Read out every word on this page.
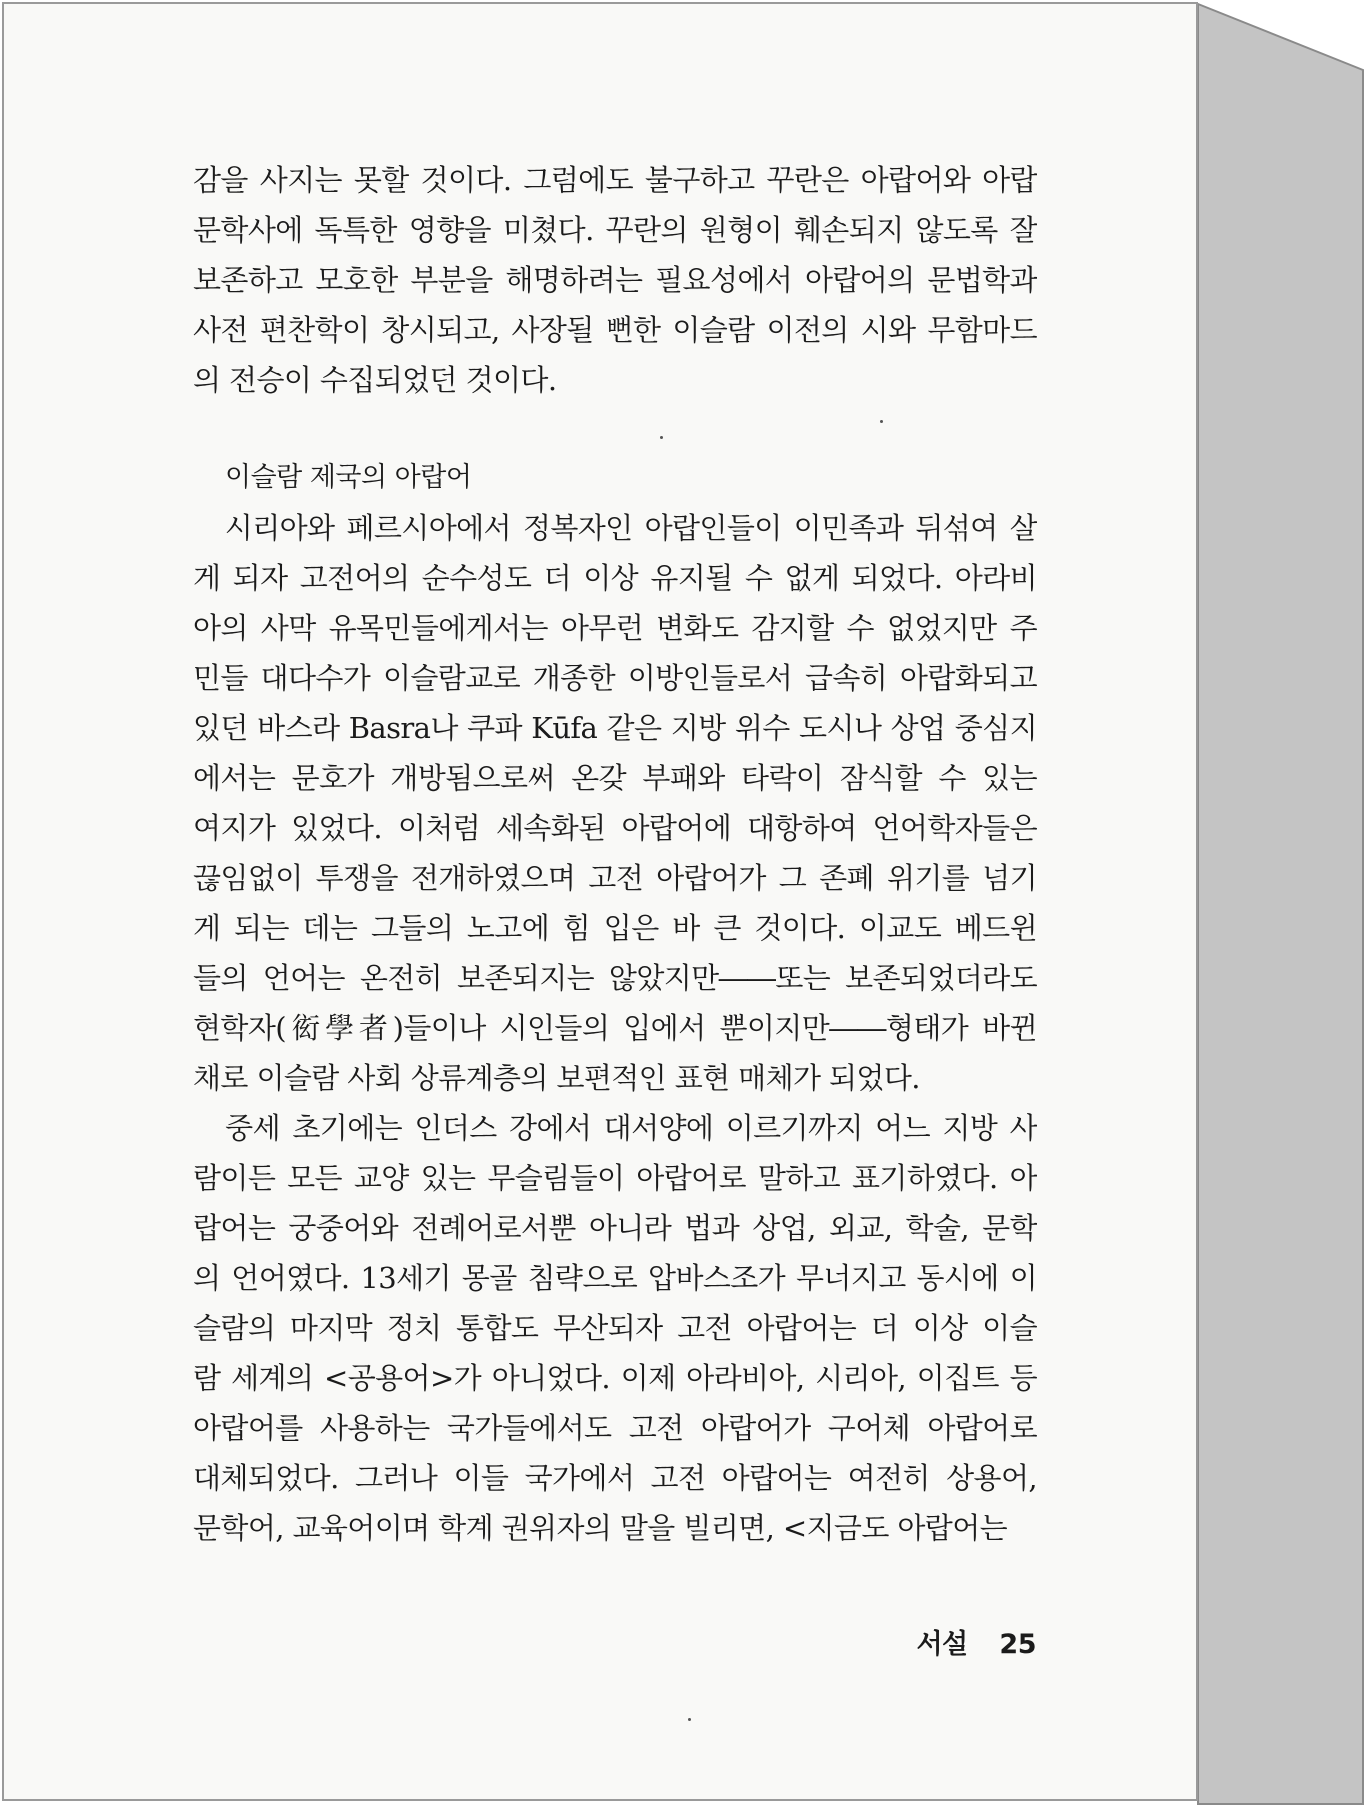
감을 사지는 못할 것이다. 그럼에도 불구하고 꾸란은 아랍어와 아랍
문학사에 독특한 영향을 미쳤다. 꾸란의 원형이 훼손되지 않도록 잘
보존하고 모호한 부분을 해명하려는 필요성에서 아랍어의 문법학과
사전 편찬학이 창시되고, 사장될 뻔한 이슬람 이전의 시와 무함마드
의 전승이 수집되었던 것이다.
이슬람 제국의 아랍어
　시리아와 페르시아에서 정복자인 아랍인들이 이민족과 뒤섞여 살
게 되자 고전어의 순수성도 더 이상 유지될 수 없게 되었다. 아라비
아의 사막 유목민들에게서는 아무런 변화도 감지할 수 없었지만 주
민들 대다수가 이슬람교로 개종한 이방인들로서 급속히 아랍화되고
있던 바스라 Basra나 쿠파 Kūfa 같은 지방 위수 도시나 상업 중심지
에서는 문호가 개방됨으로써 온갖 부패와 타락이 잠식할 수 있는
여지가 있었다. 이처럼 세속화된 아랍어에 대항하여 언어학자들은
끊임없이 투쟁을 전개하였으며 고전 아랍어가 그 존폐 위기를 넘기
게 되는 데는 그들의 노고에 힘 입은 바 큰 것이다. 이교도 베드윈
들의 언어는 온전히 보존되지는 않았지만――또는 보존되었더라도
현학자(衒學者)들이나 시인들의 입에서 뿐이지만――형태가 바뀐
채로 이슬람 사회 상류계층의 보편적인 표현 매체가 되었다.
　중세 초기에는 인더스 강에서 대서양에 이르기까지 어느 지방 사
람이든 모든 교양 있는 무슬림들이 아랍어로 말하고 표기하였다. 아
랍어는 궁중어와 전례어로서뿐 아니라 법과 상업, 외교, 학술, 문학
의 언어였다. 13세기 몽골 침략으로 압바스조가 무너지고 동시에 이
슬람의 마지막 정치 통합도 무산되자 고전 아랍어는 더 이상 이슬
람 세계의 <공용어>가 아니었다. 이제 아라비아, 시리아, 이집트 등
아랍어를 사용하는 국가들에서도 고전 아랍어가 구어체 아랍어로
대체되었다. 그러나 이들 국가에서 고전 아랍어는 여전히 상용어,
문학어, 교육어이며 학계 권위자의 말을 빌리면, <지금도 아랍어는
서설 25
